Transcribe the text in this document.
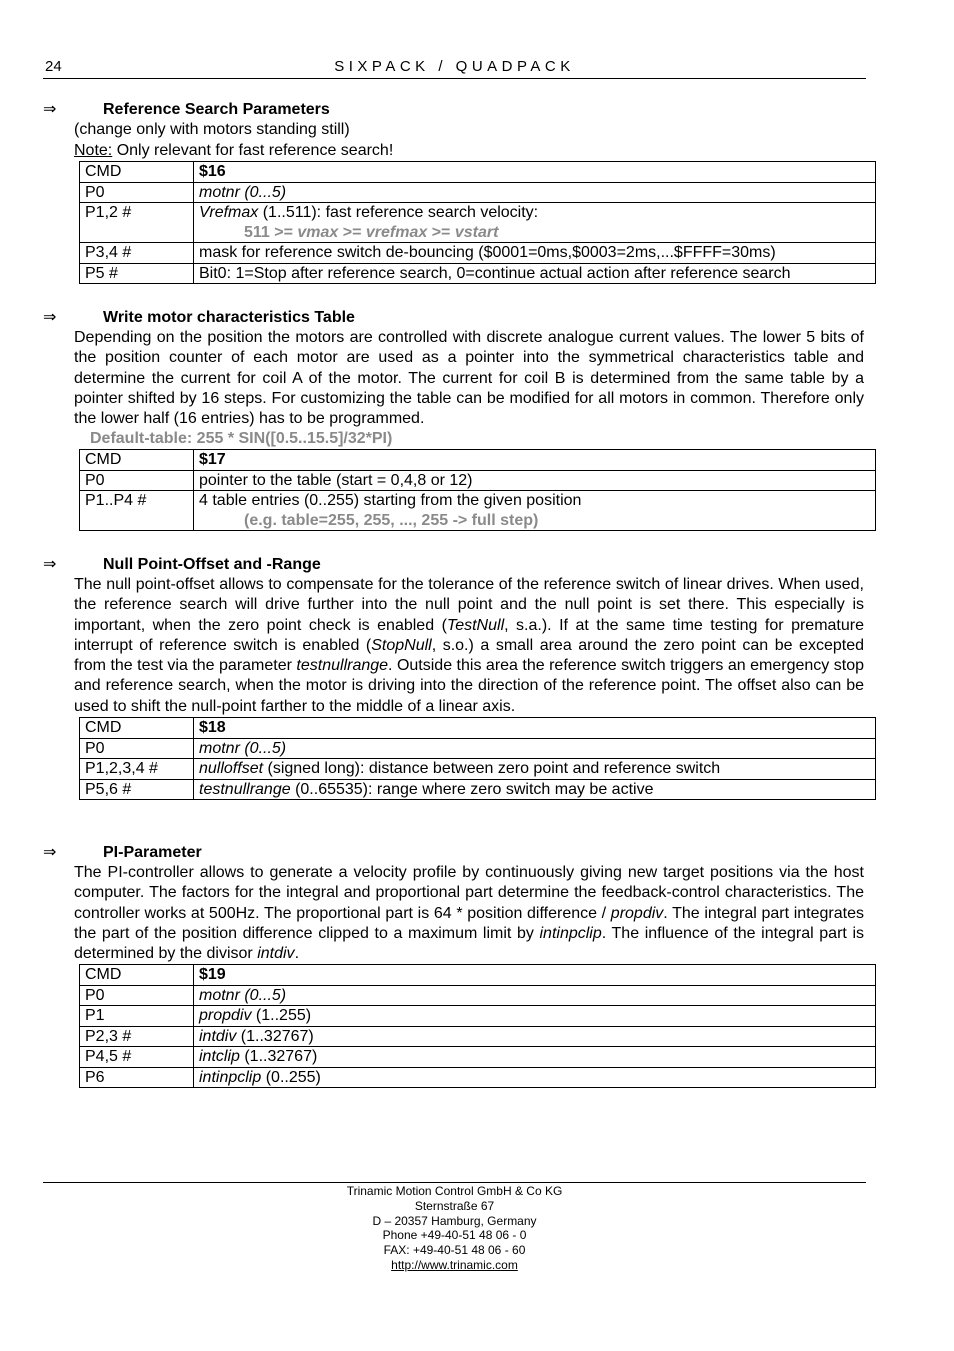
24	SIXPACK / QUADPACK
⇒	Reference Search Parameters
(change only with motors standing still)
Note: Only relevant for fast reference search!
CMD	$16
P0	motnr (0...5)
P1,2 #	Vrefmax (1..511): fast reference search velocity:
511 >= vmax >= vrefmax >= vstart

P3,4 #	mask for reference switch de-bouncing ($0001=0ms,$0003=2ms,...$FFFF=30ms)
P5 #	Bit0: 1=Stop after reference search, 0=continue actual action after reference search
⇒	Write motor characteristics Table

Depending on the position the motors are controlled with discrete analogue current values. The lower 5 bits of the position counter of each motor are used as a pointer into the symmetrical characteristics table and determine the current for coil A of the motor. The current for coil B is determined from the same table by a pointer shifted by 16 steps. For customizing the table can be modified for all motors in common. Therefore only the lower half (16 entries) has to be programmed.

Default-table: 255 * SIN([0.5..15.5]/32*PI)
CMD	$17
P0	pointer to the table (start = 0,4,8 or 12)
P1..P4 #	4 table entries (0..255) starting from the given position
(e.g. table=255, 255, ..., 255 -> full step)
⇒	Null Point-Offset and -Range

The null point-offset allows to compensate for the tolerance of the reference switch of linear drives. When used, the reference search will drive further into the null point and the null point is set there. This especially is important, when the zero point check is enabled (TestNull, s.a.). If at the same time testing for premature interrupt of reference switch is enabled (StopNull, s.o.) a small area around the zero point can be excepted from the test via the parameter testnullrange. Outside this area the reference switch triggers an emergency stop and reference search, when the motor is driving into the direction of the reference point. The offset also can be used to shift the null-point farther to the middle of a linear axis.

CMD	$18
P0	motnr (0...5)
P1,2,3,4 #	nulloffset (signed long): distance between zero point and reference switch
P5,6 #	testnullrange (0..65535): range where zero switch may be active
⇒	PI-Parameter

The PI-controller allows to generate a velocity profile by continuously giving new target positions via the host computer. The factors for the integral and proportional part determine the feedback-control characteristics. The controller works at 500Hz. The proportional part is 64 * position difference / propdiv. The integral part integrates the part of the position difference clipped to a maximum limit by intinpclip. The influence of the integral part is determined by the divisor intdiv.

CMD	$19
P0	motnr (0...5)
P1	propdiv (1..255)
P2,3 #	intdiv (1..32767)
P4,5 #	intclip (1..32767)
P6	intinpclip (0..255)
Trinamic Motion Control GmbH & Co KG
Sternstraße 67
D – 20357 Hamburg, Germany
Phone +49-40-51 48 06 - 0
FAX: +49-40-51 48 06 - 60
http://www.trinamic.com
